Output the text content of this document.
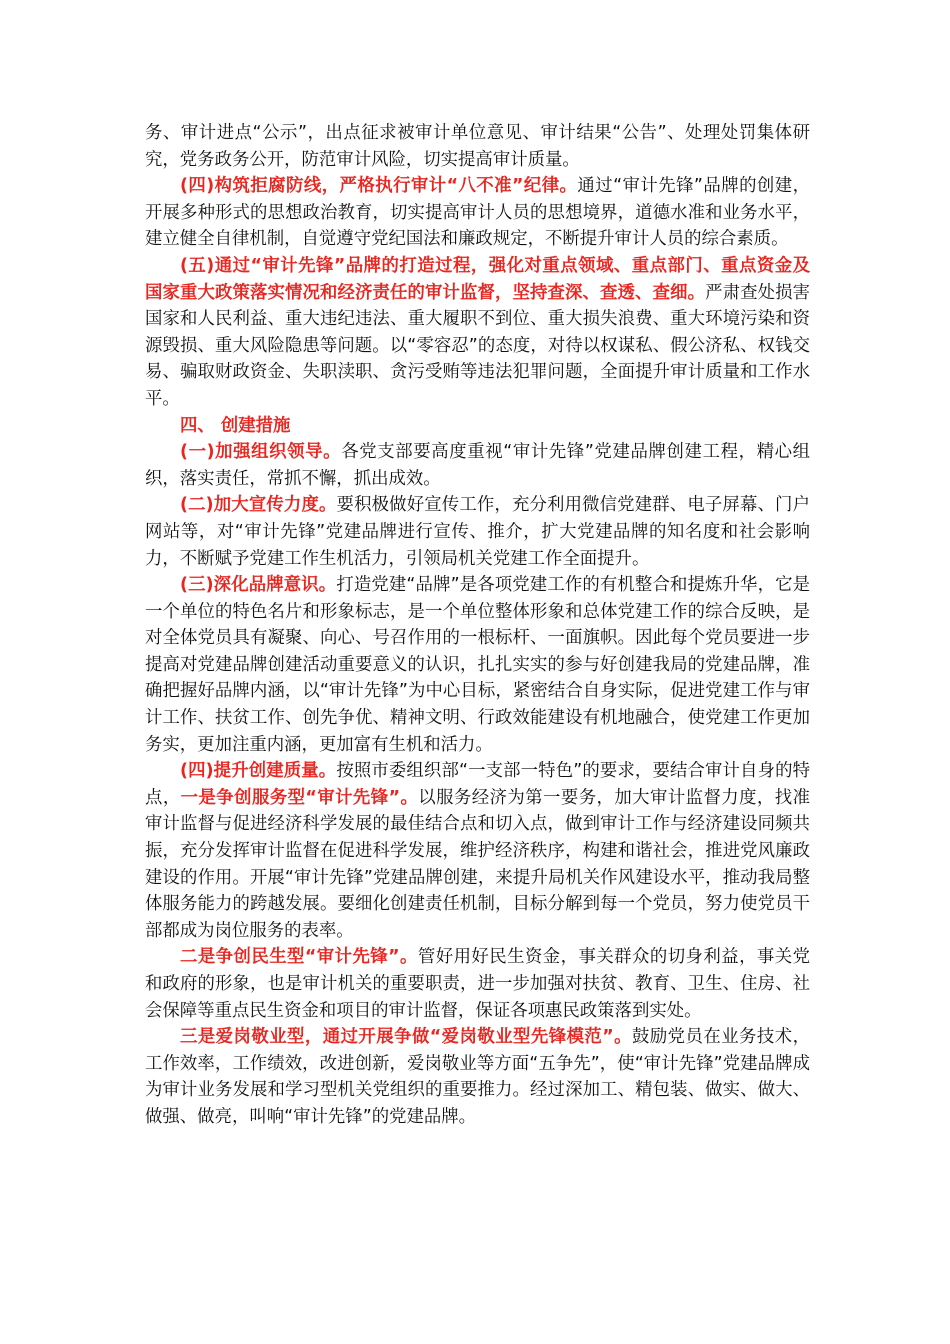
务、审计进点“公示”，出点征求被审计单位意见、审计结果“公告”、处理处罚集体研究，党务政务公开，防范审计风险，切实提高审计质量。

(四)构筑拒腐防线，严格执行审计“八不准”纪律。通过“审计先锋”品牌的创建，开展多种形式的思想政治教育，切实提高审计人员的思想境界，道德水准和业务水平，建立健全自律机制，自觉遵守党纪国法和廉政规定，不断提升审计人员的综合素质。

(五)通过“审计先锋”品牌的打造过程，强化对重点领域、重点部门、重点资金及国家重大政策落实情况和经济责任的审计监督，坚持查深、查透、查细。严肃查处损害国家和人民利益、重大违纪违法、重大履职不到位、重大损失浪费、重大环境污染和资源毁损、重大风险隐患等问题。以“零容忍”的态度，对待以权谋私、假公济私、权钱交易、骗取财政资金、失职渎职、贪污受贿等违法犯罪问题，全面提升审计质量和工作水平。

四、 创建措施

(一)加强组织领导。各党支部要高度重视“审计先锋”党建品牌创建工程，精心组织，落实责任，常抓不懈，抓出成效。

(二)加大宣传力度。要积极做好宣传工作，充分利用微信党建群、电子屏幕、门户网站等，对“审计先锋”党建品牌进行宣传、推介，扩大党建品牌的知名度和社会影响力，不断赋予党建工作生机活力，引领局机关党建工作全面提升。

(三)深化品牌意识。打造党建“品牌”是各项党建工作的有机整合和提炼升华，它是一个单位的特色名片和形象标志，是一个单位整体形象和总体党建工作的综合反映，是对全体党员具有凝聚、向心、号召作用的一根标杆、一面旗帜。因此每个党员要进一步提高对党建品牌创建活动重要意义的认识，扎扎实实的参与好创建我局的党建品牌，准确把握好品牌内涵，以“审计先锋”为中心目标，紧密结合自身实际，促进党建工作与审计工作、扶贫工作、创先争优、精神文明、行政效能建设有机地融合，使党建工作更加务实，更加注重内涵，更加富有生机和活力。

(四)提升创建质量。按照市委组织部“一支部一特色”的要求，要结合审计自身的特点，一是争创服务型“审计先锋”。以服务经济为第一要务，加大审计监督力度，找准审计监督与促进经济科学发展的最佳结合点和切入点，做到审计工作与经济建设同频共振，充分发挥审计监督在促进科学发展，维护经济秩序，构建和谐社会，推进党风廉政建设的作用。开展“审计先锋”党建品牌创建，来提升局机关作风建设水平，推动我局整体服务能力的跨越发展。要细化创建责任机制，目标分解到每一个党员，努力使党员干部都成为岗位服务的表率。

二是争创民生型“审计先锋”。管好用好民生资金，事关群众的切身利益，事关党和政府的形象，也是审计机关的重要职责，进一步加强对扶贫、教育、卫生、住房、社会保障等重点民生资金和项目的审计监督，保证各项惠民政策落到实处。

三是爱岗敬业型，通过开展争做“爱岗敬业型先锋模范”。鼓励党员在业务技术，工作效率，工作绩效，改进创新，爱岗敬业等方面“五争先”，使“审计先锋”党建品牌成为审计业务发展和学习型机关党组织的重要推力。经过深加工、精包装、做实、做大、做强、做亮，叫响“审计先锋”的党建品牌。
